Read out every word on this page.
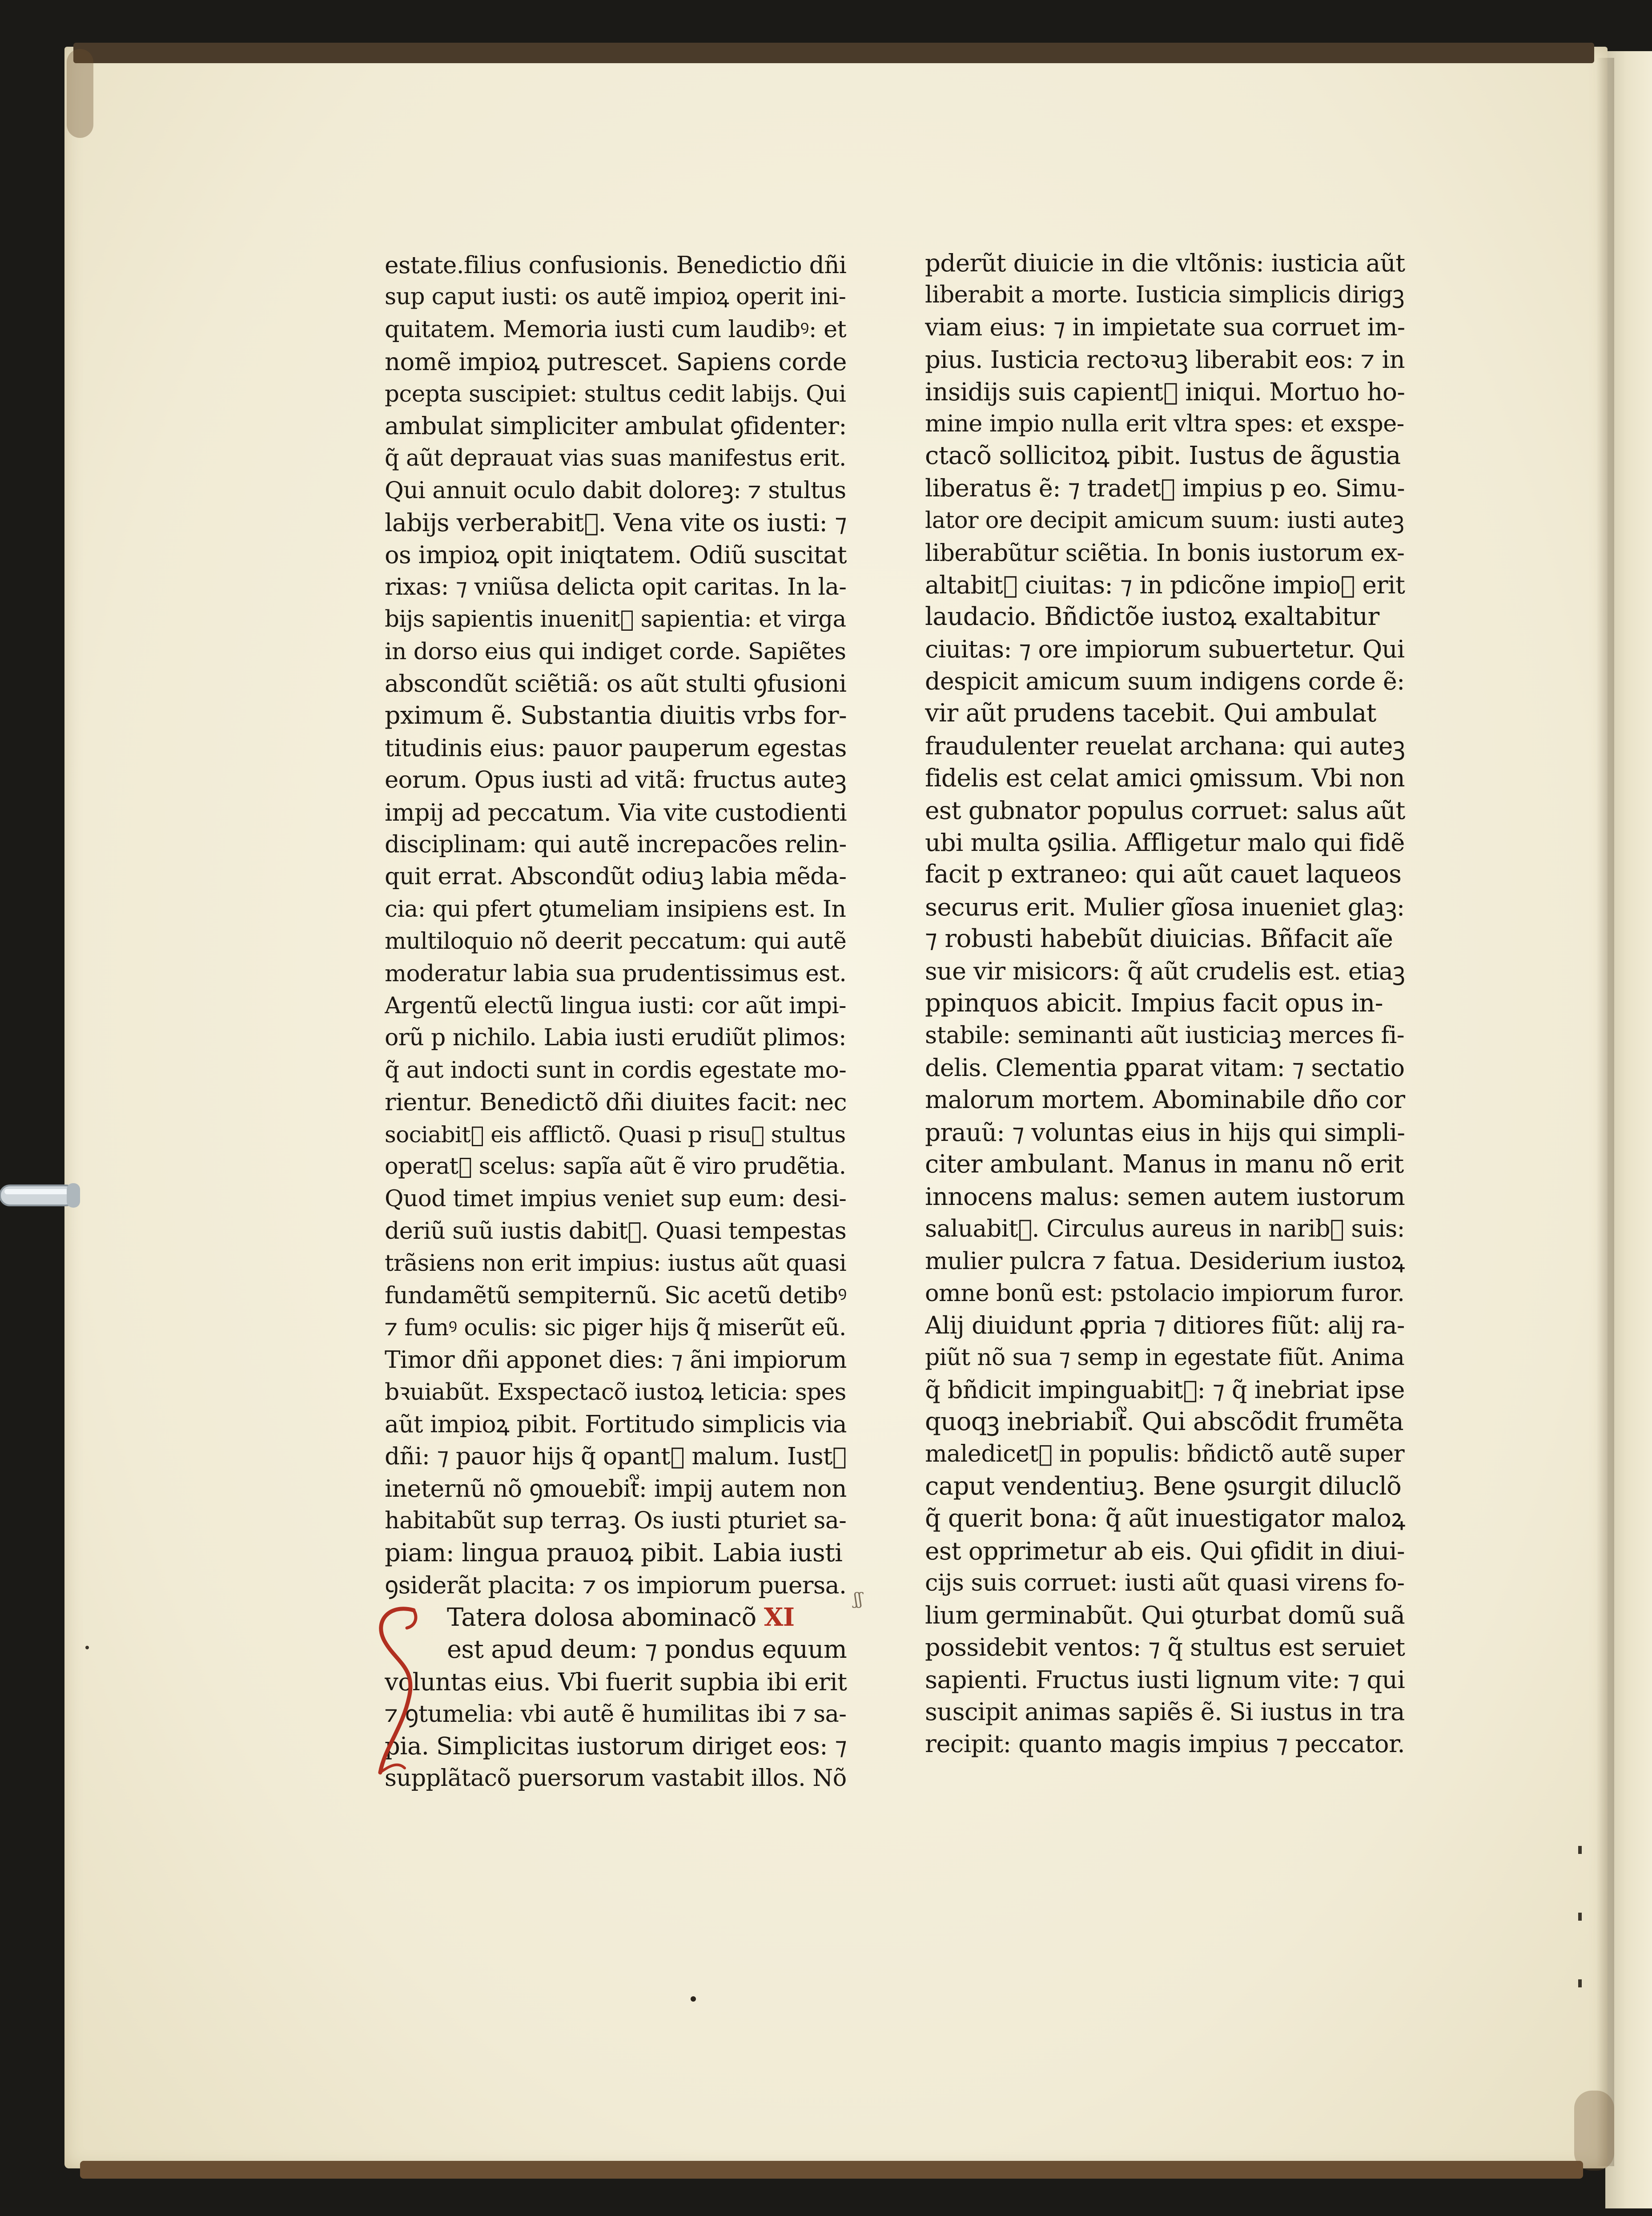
estate.filius confusionis. Benedictio dñi
sup caput iusti: os autẽ impioꝝ operit ini-
quitatem. Memoria iusti cum laudibꝰ: et
nomẽ impioꝝ putrescet. Sapiens corde
pcepta suscipiet: stultus cedit labijs. Qui
ambulat simpliciter ambulat ꝯfidenter:
q̃ aũt deprauat vias suas manifestus erit.
Qui annuit oculo dabit doloreꝫ: ⁊ stultus
labijs verberabit᷑. Vena vite os iusti: ⁊
os impioꝝ opit iniqtatem. Odiũ suscitat
rixas: ⁊ vniũsa delicta opit caritas. In la-
bijs sapientis inuenit᷑ sapientia: et virga
in dorso eius qui indiget corde. Sapiẽtes
abscondũt sciẽtiã: os aũt stulti ꝯfusioni
pximum ẽ. Substantia diuitis vrbs for-
titudinis eius: pauor pauperum egestas
eorum. Opus iusti ad vitã: fructus auteꝫ
impij ad peccatum. Via vite custodienti
disciplinam: qui autẽ increpacões relin-
quit errat. Abscondũt odiuꝫ labia mẽda-
cia: qui pfert ꝯtumeliam insipiens est. In
multiloquio nõ deerit peccatum: qui autẽ
moderatur labia sua prudentissimus est.
Argentũ electũ lingua iusti: cor aũt impi-
orũ p nichilo. Labia iusti erudiũt plimos:
q̃ aut indocti sunt in cordis egestate mo-
rientur. Benedictõ dñi diuites facit: nec
sociabit᷑ eis afflictõ. Quasi p risuꝫ stultus
operat᷑ scelus: sapĩa aũt ẽ viro prudẽtia.
Quod timet impius veniet sup eum: desi-
deriũ suũ iustis dabit᷑. Quasi tempestas
trãsiens non erit impius: iustus aũt quasi
fundamẽtũ sempiternũ. Sic acetũ detibꝰ
⁊ fumꝰ oculis: sic piger hijs q̃ miserũt eũ.
Timor dñi apponet dies: ⁊ ãni impiorum
bꝛuiabũt. Exspectacõ iustoꝝ leticia: spes
aũt impioꝝ pibit. Fortitudo simplicis via
dñi: ⁊ pauor hijs q̃ opant᷑ malum. Iustꝰ
ineternũ nõ ꝯmouebit᷑: impij autem non
habitabũt sup terraꝫ. Os iusti pturiet sa-
piam: lingua prauoꝝ pibit. Labia iusti
ꝯsiderãt placita: ⁊ os impiorum puersa.
Tatera dolosa abominacõ XI
est apud deum: ⁊ pondus equum
voluntas eius. Vbi fuerit supbia ibi erit
⁊ ꝯtumelia: vbi autẽ ẽ humilitas ibi ⁊ sa-
pia. Simplicitas iustorum diriget eos: ⁊
supplãtacõ puersorum vastabit illos. Nõ
pderũt diuicie in die vltõnis: iusticia aũt
liberabit a morte. Iusticia simplicis dirigꝫ
viam eius: ⁊ in impietate sua corruet im-
pius. Iusticia rectoꝛuꝫ liberabit eos: ⁊ in
insidijs suis capient᷑ iniqui. Mortuo ho-
mine impio nulla erit vltra spes: et exspe-
ctacõ sollicitoꝝ pibit. Iustus de ãgustia
liberatus ẽ: ⁊ tradet᷑ impius p eo. Simu-
lator ore decipit amicum suum: iusti auteꝫ
liberabũtur sciẽtia. In bonis iustorum ex-
altabit᷑ ciuitas: ⁊ in pdicõne impioꝝ erit
laudacio. Bñdictõe iustoꝝ exaltabitur
ciuitas: ⁊ ore impiorum subuertetur. Qui
despicit amicum suum indigens corde ẽ:
vir aũt prudens tacebit. Qui ambulat
fraudulenter reuelat archana: qui auteꝫ
fidelis est celat amici ꝯmissum. Vbi non
est gubnator populus corruet: salus aũt
ubi multa ꝯsilia. Affligetur malo qui fidẽ
facit p extraneo: qui aũt cauet laqueos
securus erit. Mulier gĩosa inueniet glaꝫ:
⁊ robusti habebũt diuicias. Bñfacit aĩe
sue vir misicors: q̃ aũt crudelis est. etiaꝫ
ppinquos abicit. Impius facit opus in-
stabile: seminanti aũt iusticiaꝫ merces fi-
delis. Clementia ꝑparat vitam: ⁊ sectatio
malorum mortem. Abominabile dño cor
prauũ: ⁊ voluntas eius in hijs qui simpli-
citer ambulant. Manus in manu nõ erit
innocens malus: semen autem iustorum
saluabit᷑. Circulus aureus in naribꝰ suis:
mulier pulcra ⁊ fatua. Desiderium iustoꝝ
omne bonũ est: pstolacio impiorum furor.
Alij diuidunt ꝓpria ⁊ ditiores fiũt: alij ra-
piũt nõ sua ⁊ semp in egestate fiũt. Anima
q̃ bñdicit impinguabit᷑: ⁊ q̃ inebriat ipse
quoqꝫ inebriabit᷑. Qui abscõdit frumẽta
maledicet᷑ in populis: bñdictõ autẽ super
caput vendentiuꝫ. Bene ꝯsurgit diluclõ
q̃ querit bona: q̃ aũt inuestigator maloꝝ
est opprimetur ab eis. Qui ꝯfidit in diui-
cijs suis corruet: iusti aũt quasi virens fo-
lium germinabũt. Qui ꝯturbat domũ suã
possidebit ventos: ⁊ q̃ stultus est seruiet
sapienti. Fructus iusti lignum vite: ⁊ qui
suscipit animas sapiẽs ẽ. Si iustus in tra
recipit: quanto magis impius ⁊ peccator.
ʃʃ
